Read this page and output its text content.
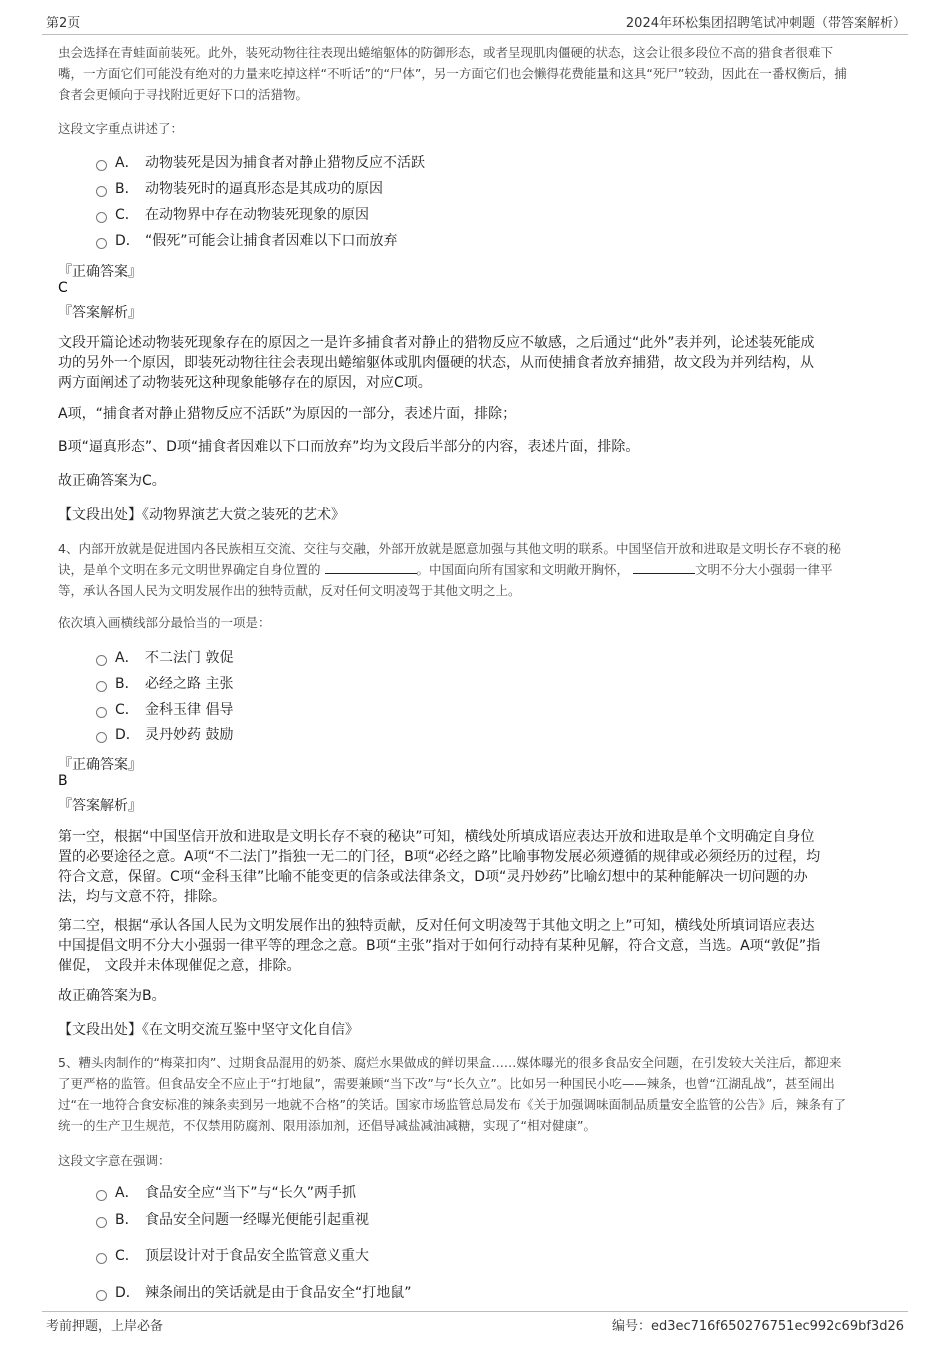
第2页	2024年环松集团招聘笔试冲刺题（带答案解析）
虫会选择在青蛙面前装死。此外，装死动物往往表现出蜷缩躯体的防御形态，或者呈现肌肉僵硬的状态，这会让很多段位不高的猎食者很难下
嘴，一方面它们可能没有绝对的力量来吃掉这样“不听话”的“尸体”，另一方面它们也会懒得花费能量和这具“死尸”较劲，因此在一番权衡后，捕
食者会更倾向于寻找附近更好下口的活猎物。
这段文字重点讲述了：
A． 动物装死是因为捕食者对静止猎物反应不活跃
B． 动物装死时的逼真形态是其成功的原因
C． 在动物界中存在动物装死现象的原因
D． “假死”可能会让捕食者因难以下口而放弃
『正确答案』
C
『答案解析』
文段开篇论述动物装死现象存在的原因之一是许多捕食者对静止的猎物反应不敏感，之后通过“此外”表并列，论述装死能成
功的另外一个原因，即装死动物往往会表现出蜷缩躯体或肌肉僵硬的状态，从而使捕食者放弃捕猎，故文段为并列结构，从
两方面阐述了动物装死这种现象能够存在的原因，对应C项。
A项，“捕食者对静止猎物反应不活跃”为原因的一部分，表述片面，排除；
B项“逼真形态”、D项“捕食者因难以下口而放弃”均为文段后半部分的内容，表述片面，排除。
故正确答案为C。
【文段出处】《动物界演艺大赏之装死的艺术》
4、内部开放就是促进国内各民族相互交流、交往与交融，外部开放就是愿意加强与其他文明的联系。中国坚信开放和进取是文明长存不衰的秘
诀，是单个文明在多元文明世界确定自身位置的	。中国面向所有国家和文明敞开胸怀，	文明不分大小强弱一律平
等，承认各国人民为文明发展作出的独特贡献，反对任何文明凌驾于其他文明之上。
依次填入画横线部分最恰当的一项是：
A． 不二法门 敦促
B． 必经之路 主张
C． 金科玉律 倡导
D． 灵丹妙药 鼓励
『正确答案』
B
『答案解析』
第一空，根据“中国坚信开放和进取是文明长存不衰的秘诀”可知，横线处所填成语应表达开放和进取是单个文明确定自身位
置的必要途径之意。A项“不二法门”指独一无二的门径，B项“必经之路”比喻事物发展必须遵循的规律或必须经历的过程，均
符合文意，保留。C项“金科玉律”比喻不能变更的信条或法律条文，D项“灵丹妙药”比喻幻想中的某种能解决一切问题的办
法，均与文意不符，排除。
第二空，根据“承认各国人民为文明发展作出的独特贡献，反对任何文明凌驾于其他文明之上”可知，横线处所填词语应表达
中国提倡文明不分大小强弱一律平等的理念之意。B项“主张”指对于如何行动持有某种见解，符合文意，当选。A项“敦促”指
催促， 文段并未体现催促之意，排除。
故正确答案为B。
【文段出处】《在文明交流互鉴中坚守文化自信》
5、糟头肉制作的“梅菜扣肉”、过期食品混用的奶茶、腐烂水果做成的鲜切果盒……媒体曝光的很多食品安全问题，在引发较大关注后，都迎来
了更严格的监管。但食品安全不应止于“打地鼠”，需要兼顾“当下改”与“长久立”。比如另一种国民小吃——辣条，也曾“江湖乱战”，甚至闹出
过“在一地符合食安标准的辣条卖到另一地就不合格”的笑话。国家市场监管总局发布《关于加强调味面制品质量安全监管的公告》后，辣条有了
统一的生产卫生规范，不仅禁用防腐剂、限用添加剂，还倡导减盐减油减糖，实现了“相对健康”。
这段文字意在强调：
A． 食品安全应“当下”与“长久”两手抓
B． 食品安全问题一经曝光便能引起重视
C． 顶层设计对于食品安全监管意义重大
D． 辣条闹出的笑话就是由于食品安全“打地鼠”
考前押题，上岸必备	编号：ed3ec716f650276751ec992c69bf3d26
